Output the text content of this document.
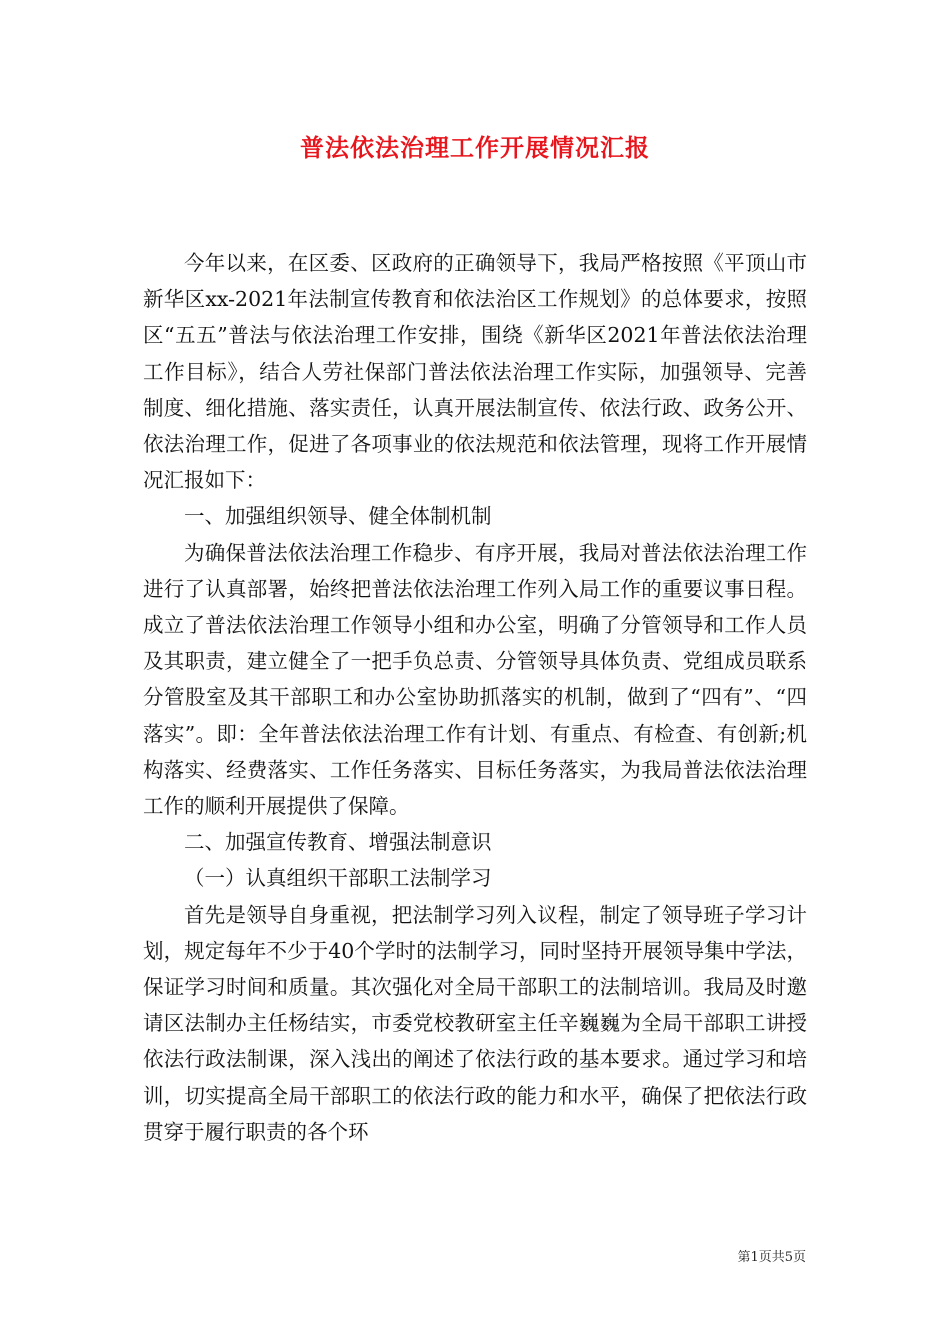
普法依法治理工作开展情况汇报

今年以来，在区委、区政府的正确领导下，我局严格按照《平顶山市新华区xx-2021年法制宣传教育和依法治区工作规划》的总体要求，按照区“五五”普法与依法治理工作安排，围绕《新华区2021年普法依法治理工作目标》，结合人劳社保部门普法依法治理工作实际，加强领导、完善制度、细化措施、落实责任，认真开展法制宣传、依法行政、政务公开、依法治理工作，促进了各项事业的依法规范和依法管理，现将工作开展情况汇报如下：

一、加强组织领导、健全体制机制

为确保普法依法治理工作稳步、有序开展，我局对普法依法治理工作进行了认真部署，始终把普法依法治理工作列入局工作的重要议事日程。成立了普法依法治理工作领导小组和办公室，明确了分管领导和工作人员及其职责，建立健全了一把手负总责、分管领导具体负责、党组成员联系分管股室及其干部职工和办公室协助抓落实的机制，做到了“四有”、“四落实”。即：全年普法依法治理工作有计划、有重点、有检查、有创新;机构落实、经费落实、工作任务落实、目标任务落实，为我局普法依法治理工作的顺利开展提供了保障。

二、加强宣传教育、增强法制意识

（一）认真组织干部职工法制学习

首先是领导自身重视，把法制学习列入议程，制定了领导班子学习计划，规定每年不少于40个学时的法制学习，同时坚持开展领导集中学法，保证学习时间和质量。其次强化对全局干部职工的法制培训。我局及时邀请区法制办主任杨结实，市委党校教研室主任辛巍巍为全局干部职工讲授依法行政法制课，深入浅出的阐述了依法行政的基本要求。通过学习和培训，切实提高全局干部职工的依法行政的能力和水平，确保了把依法行政贯穿于履行职责的各个环

第1页共5页
